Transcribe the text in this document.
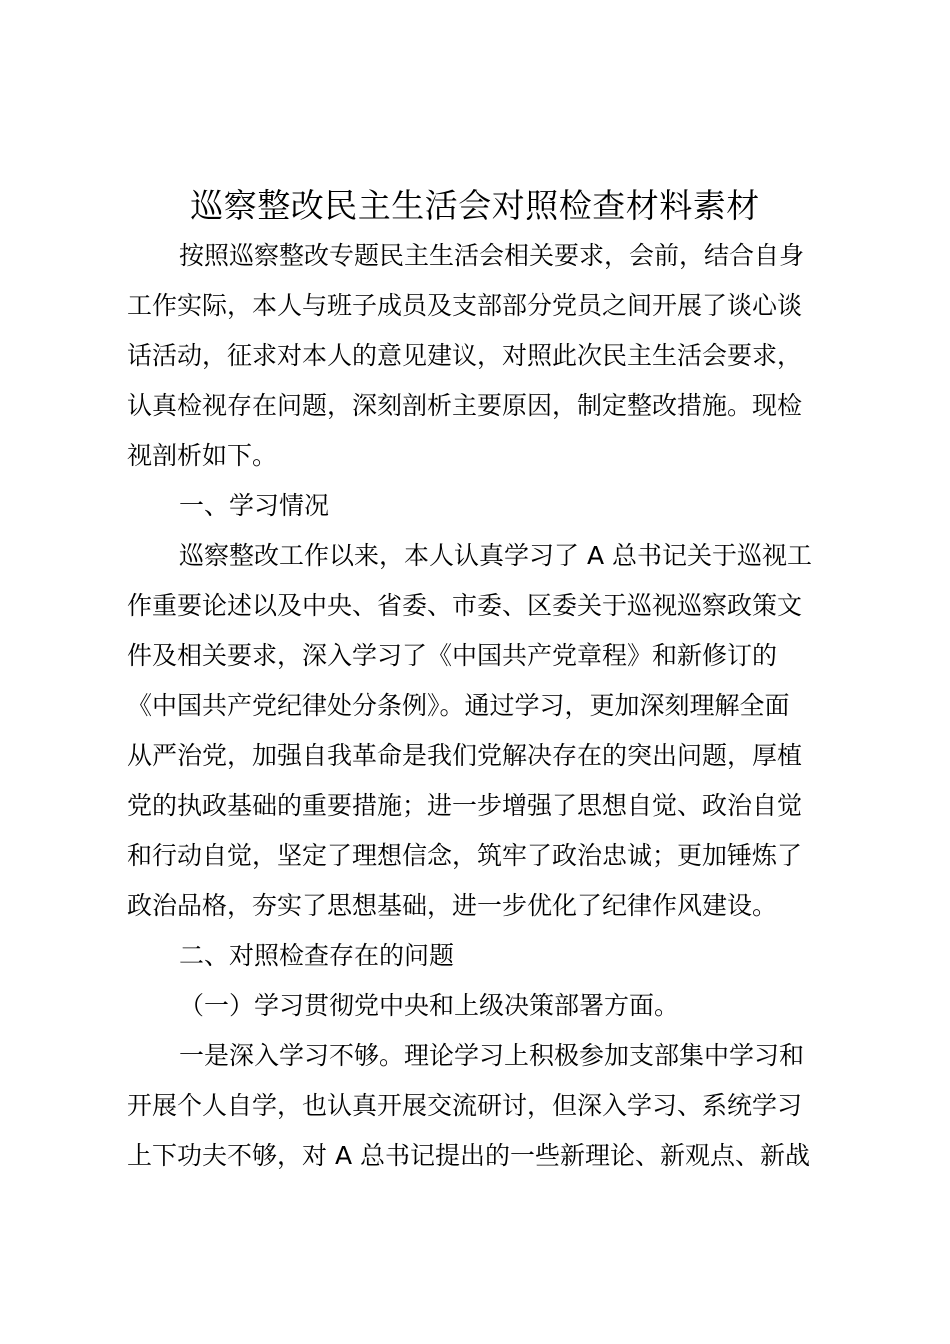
巡察整改民主生活会对照检查材料素材
按照巡察整改专题民主生活会相关要求，会前，结合自身
工作实际，本人与班子成员及支部部分党员之间开展了谈心谈
话活动，征求对本人的意见建议，对照此次民主生活会要求，
认真检视存在问题，深刻剖析主要原因，制定整改措施。现检
视剖析如下。
一、学习情况
巡察整改工作以来，本人认真学习了 A 总书记关于巡视工
作重要论述以及中央、省委、市委、区委关于巡视巡察政策文
件及相关要求，深入学习了《中国共产党章程》和新修订的
《中国共产党纪律处分条例》。通过学习，更加深刻理解全面
从严治党，加强自我革命是我们党解决存在的突出问题，厚植
党的执政基础的重要措施；进一步增强了思想自觉、政治自觉
和行动自觉，坚定了理想信念，筑牢了政治忠诚；更加锤炼了
政治品格，夯实了思想基础，进一步优化了纪律作风建设。
二、对照检查存在的问题
（一）学习贯彻党中央和上级决策部署方面。
一是深入学习不够。理论学习上积极参加支部集中学习和
开展个人自学，也认真开展交流研讨，但深入学习、系统学习
上下功夫不够，对 A 总书记提出的一些新理论、新观点、新战
